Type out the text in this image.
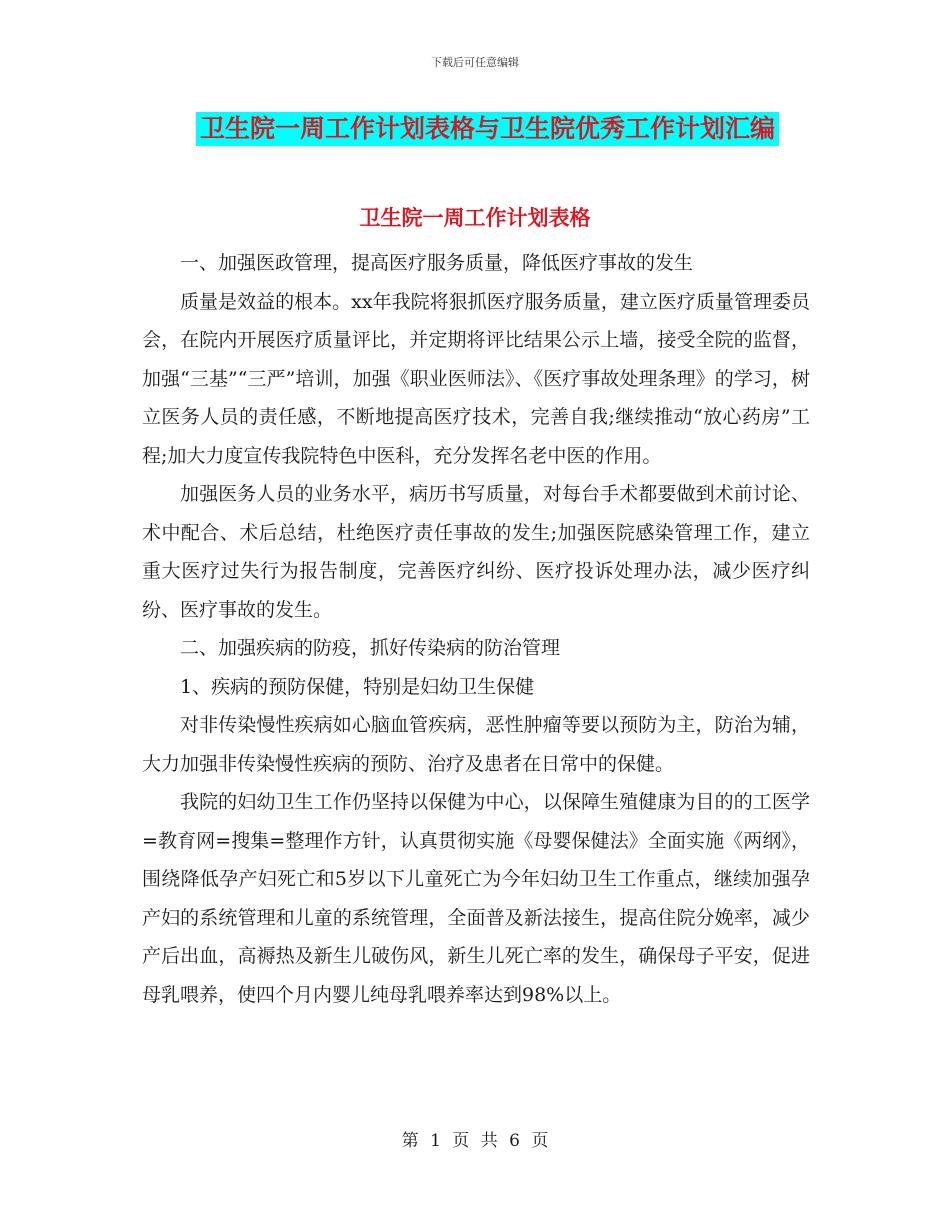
下载后可任意编辑
卫生院一周工作计划表格与卫生院优秀工作计划汇编
卫生院一周工作计划表格

一、加强医政管理，提高医疗服务质量，降低医疗事故的发生

质量是效益的根本。xx年我院将狠抓医疗服务质量，建立医疗质量管理委员会，在院内开展医疗质量评比，并定期将评比结果公示上墙，接受全院的监督，加强“三基”“三严”培训，加强《职业医师法》、《医疗事故处理条理》的学习，树立医务人员的责任感，不断地提高医疗技术，完善自我;继续推动“放心药房”工程;加大力度宣传我院特色中医科，充分发挥名老中医的作用。

加强医务人员的业务水平，病历书写质量，对每台手术都要做到术前讨论、术中配合、术后总结，杜绝医疗责任事故的发生;加强医院感染管理工作，建立重大医疗过失行为报告制度，完善医疗纠纷、医疗投诉处理办法，减少医疗纠纷、医疗事故的发生。

二、加强疾病的防疫，抓好传染病的防治管理

1、疾病的预防保健，特别是妇幼卫生保健

对非传染慢性疾病如心脑血管疾病，恶性肿瘤等要以预防为主，防治为辅，大力加强非传染慢性疾病的预防、治疗及患者在日常中的保健。

我院的妇幼卫生工作仍坚持以保健为中心，以保障生殖健康为目的的工医学=教育网=搜集=整理作方针，认真贯彻实施《母婴保健法》全面实施《两纲》，围绕降低孕产妇死亡和5岁以下儿童死亡为今年妇幼卫生工作重点，继续加强孕产妇的系统管理和儿童的系统管理，全面普及新法接生，提高住院分娩率，减少产后出血，高褥热及新生儿破伤风，新生儿死亡率的发生，确保母子平安，促进母乳喂养，使四个月内婴儿纯母乳喂养率达到98%以上。

第 1 页 共 6 页
